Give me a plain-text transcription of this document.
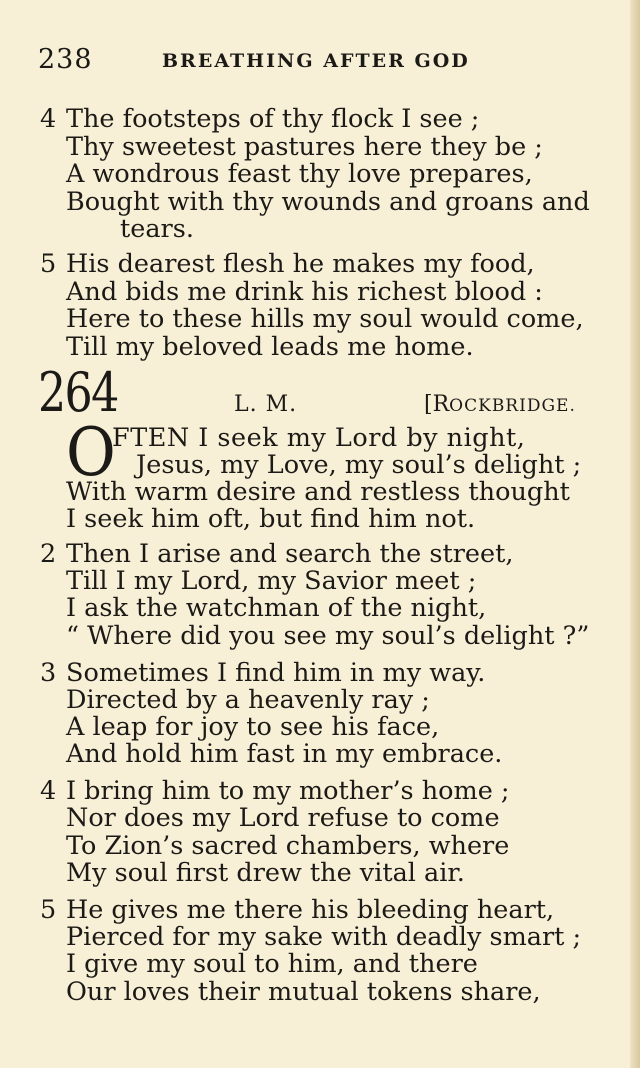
238	BREATHING AFTER GOD
4 The footsteps of thy flock I see ;
Thy sweetest pastures here they be ;
A wondrous feast thy love prepares,
Bought with thy wounds and groans and
tears.
5 His dearest flesh he makes my food,
And bids me drink his richest blood :
Here to these hills my soul would come,
Till my beloved leads me home.
264	L. M.	[ROCKBRIDGE.
O
FTEN I seek my Lord by night,
Jesus, my Love, my soul’s delight ;
With warm desire and restless thought
I seek him oft, but find him not.
2 Then I arise and search the street,
Till I my Lord, my Savior meet ;
I ask the watchman of the night,
“ Where did you see my soul’s delight ?”
3 Sometimes I find him in my way.
Directed by a heavenly ray ;
A leap for joy to see his face,
And hold him fast in my embrace.
4 I bring him to my mother’s home ;
Nor does my Lord refuse to come
To Zion’s sacred chambers, where
My soul first drew the vital air.
5 He gives me there his bleeding heart,
Pierced for my sake with deadly smart ;
I give my soul to him, and there
Our loves their mutual tokens share,
